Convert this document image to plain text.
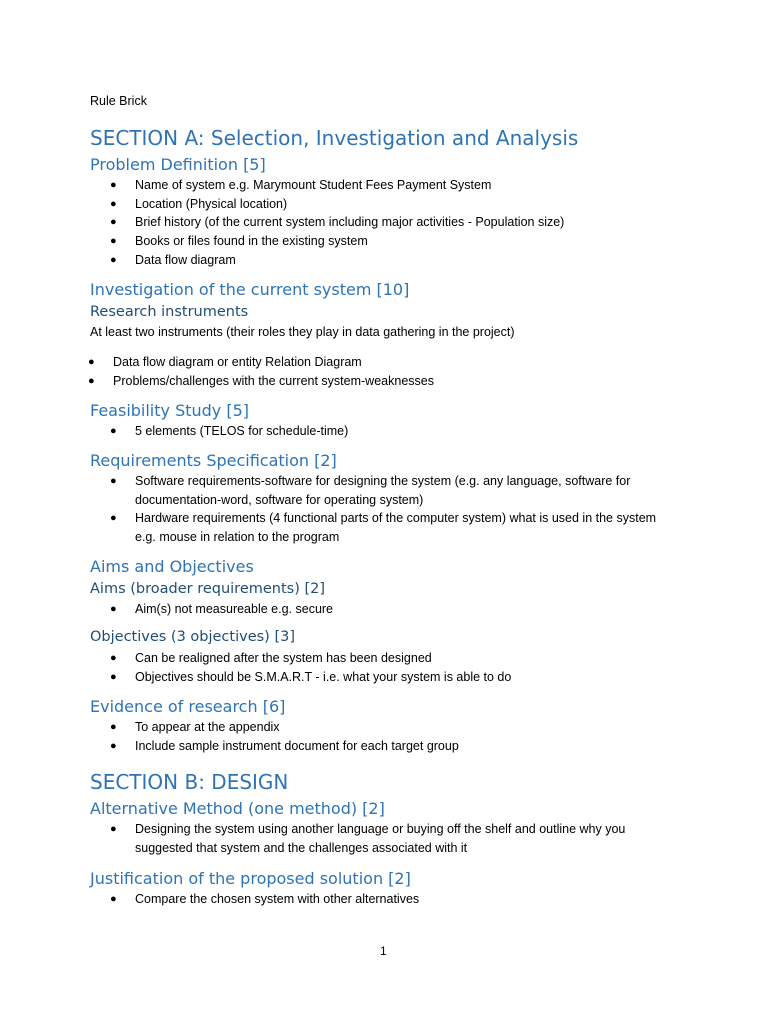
Rule Brick
SECTION A: Selection, Investigation and Analysis
Problem Definition [5]
● Name of system e.g. Marymount Student Fees Payment System
● Location (Physical location)
● Brief history (of the current system including major activities - Population size)
● Books or files found in the existing system
● Data flow diagram
Investigation of the current system [10]
Research instruments
At least two instruments (their roles they play in data gathering in the project)
● Data flow diagram or entity Relation Diagram
● Problems/challenges with the current system-weaknesses
Feasibility Study [5]
● 5 elements (TELOS for schedule-time)
Requirements Specification [2]
● Software requirements-software for designing the system (e.g. any language, software for
documentation-word, software for operating system)
● Hardware requirements (4 functional parts of the computer system) what is used in the system
e.g. mouse in relation to the program
Aims and Objectives
Aims (broader requirements) [2]
● Aim(s) not measureable e.g. secure
Objectives (3 objectives) [3]
● Can be realigned after the system has been designed
● Objectives should be S.M.A.R.T - i.e. what your system is able to do
Evidence of research [6]
● To appear at the appendix
● Include sample instrument document for each target group
SECTION B: DESIGN
Alternative Method (one method) [2]
● Designing the system using another language or buying off the shelf and outline why you
suggested that system and the challenges associated with it
Justification of the proposed solution [2]
● Compare the chosen system with other alternatives
1
